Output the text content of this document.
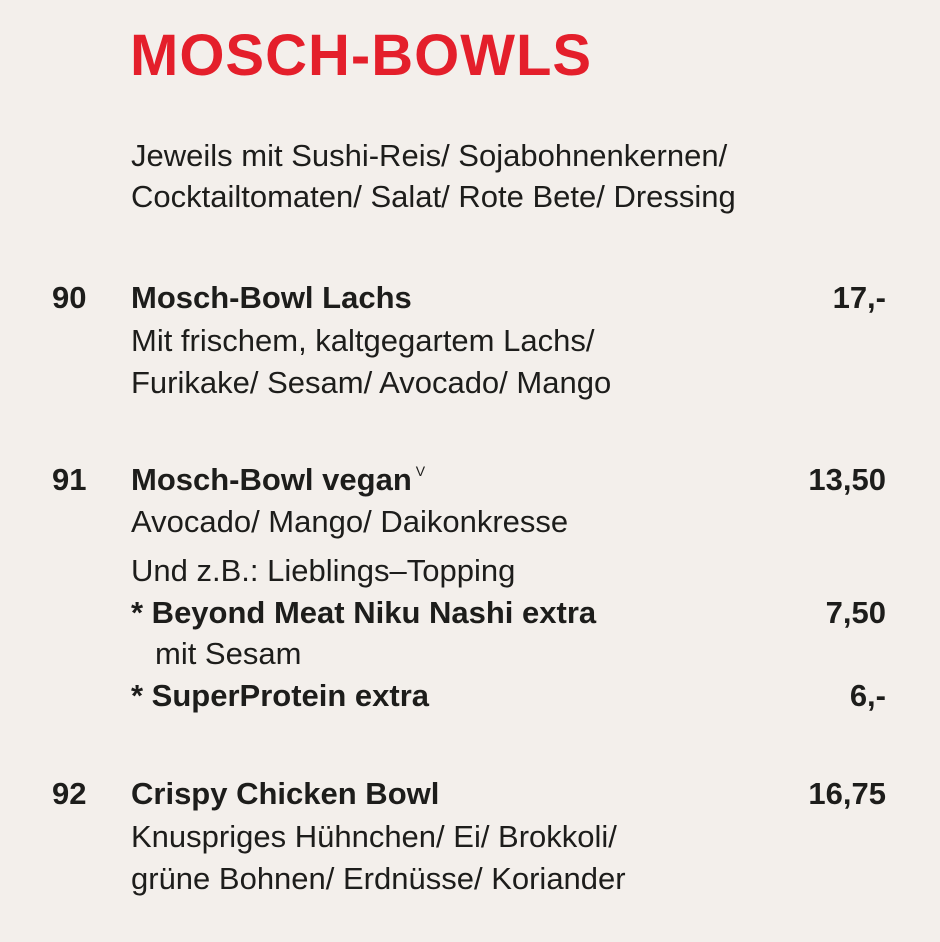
MOSCH-BOWLS
Jeweils mit Sushi-Reis/ Sojabohnenkernen/
Cocktailtomaten/ Salat/ Rote Bete/ Dressing
90 Mosch-Bowl Lachs	17,-
Mit frischem, kaltgegartem Lachs/
Furikake/ Sesam/ Avocado/ Mango
91 Mosch-Bowl vegan $^V$	13,50
Avocado/ Mango/ Daikonkresse
Und z.B.: Lieblings–Topping
* Beyond Meat Niku Nashi extra	7,50
mit Sesam
* SuperProtein extra	6,-
92 Crispy Chicken Bowl	16,75
Knuspriges Hühnchen/ Ei/ Brokkoli/
grüne Bohnen/ Erdnüsse/ Koriander
